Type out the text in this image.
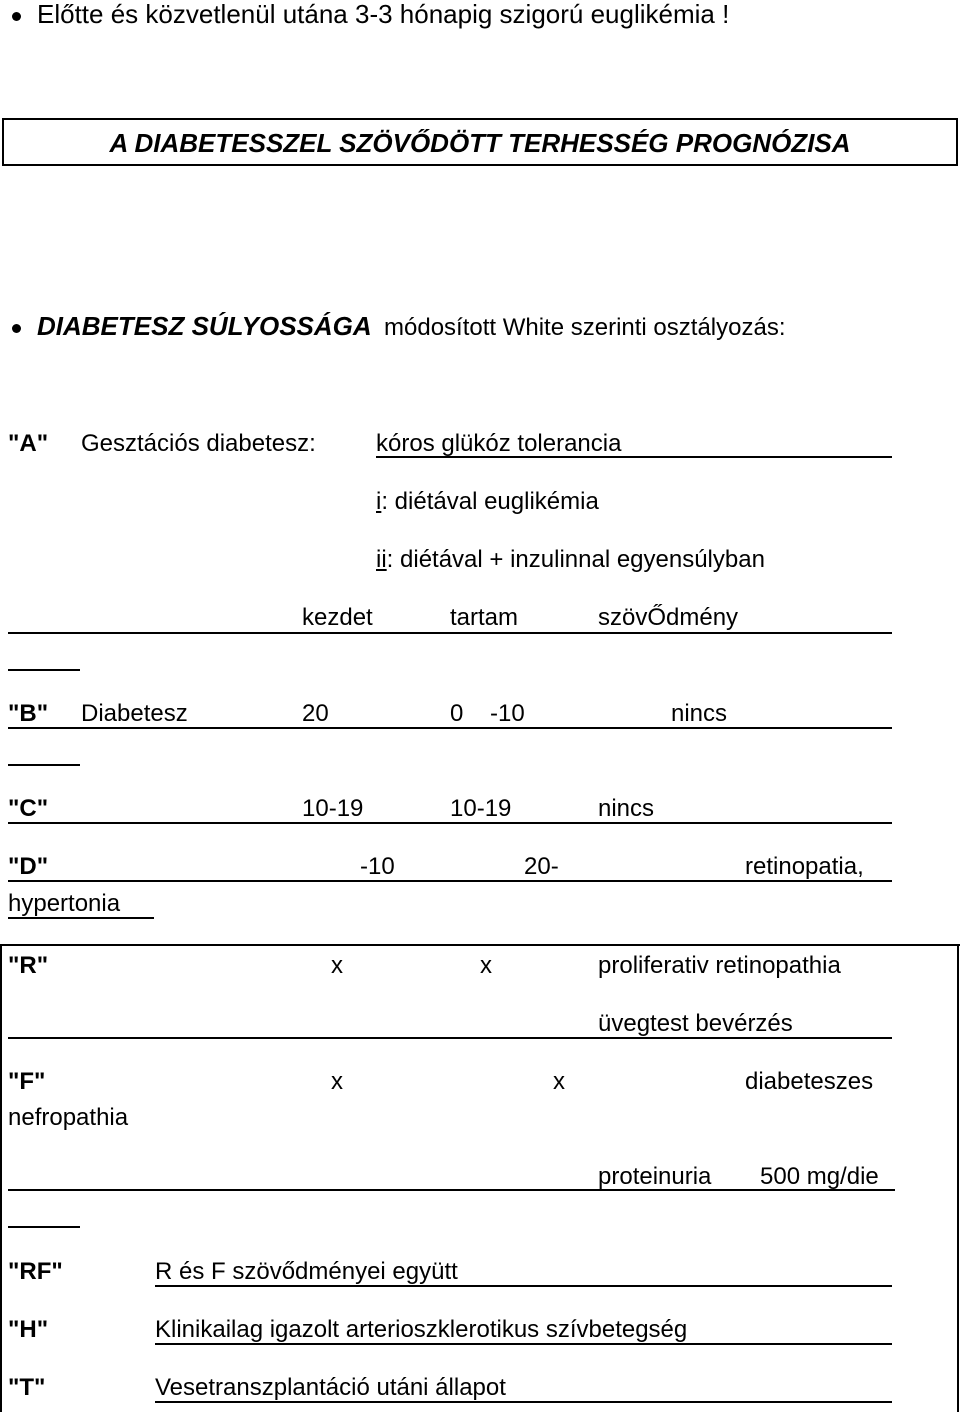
Előtte és közvetlenül utána 3-3 hónapig szigorú euglikémia !
A DIABETESSZEL SZÖVŐDÖTT TERHESSÉG PROGNÓZISA
DIABETESZ SÚLYOSSÁGA módosított White szerinti osztályozás:
"A" Gesztációs diabetesz:	kóros glükóz tolerancia
i: diétával euglikémia
ii: diétával + inzulinnal egyensúlyban
kezdet	tartam	szövŐdmény
"B" Diabetesz	20	0    -10	nincs
"C"	10-19	10-19	nincs
"D"	-10	20-	retinopatia,
hypertonia
"R"	x	x	proliferativ retinopathia
üvegtest bevérzés
"F"	x	x	diabeteszes
nefropathia
proteinuria 500 mg/die
"RF"	R és F szövődményei együtt
"H"	Klinikailag igazolt arterioszklerotikus szívbetegség
"T"	Vesetranszplantáció utáni állapot
